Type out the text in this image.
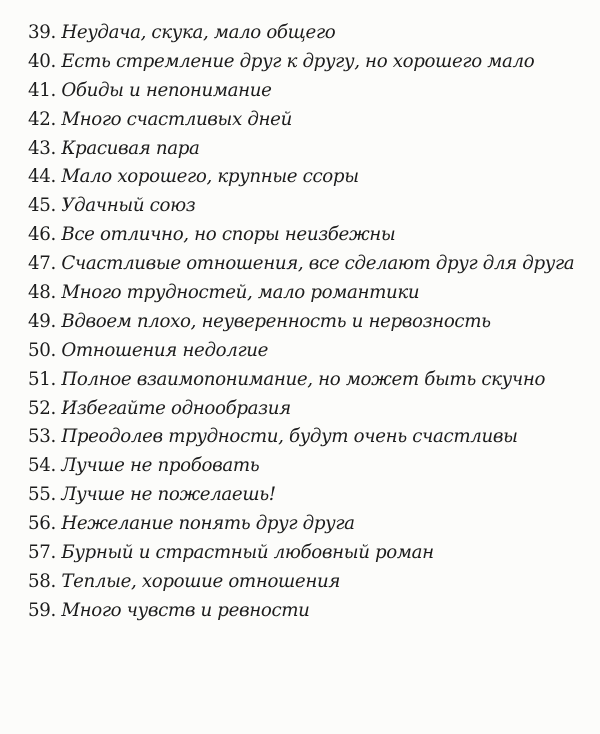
39. Неудача, скука, мало общего
40. Есть стремление друг к другу, но хорошего мало
41. Обиды и непонимание
42. Много счастливых дней
43. Красивая пара
44. Мало хорошего, крупные ссоры
45. Удачный союз
46. Все отлично, но споры неизбежны
47. Счастливые отношения, все сделают друг для друга
48. Много трудностей, мало романтики
49. Вдвоем плохо, неуверенность и нервозность
50. Отношения недолгие
51. Полное взаимопонимание, но может быть скучно
52. Избегайте однообразия
53. Преодолев трудности, будут очень счастливы
54. Лучше не пробовать
55. Лучше не пожелаешь!
56. Нежелание понять друг друга
57. Бурный и страстный любовный роман
58. Теплые, хорошие отношения
59. Много чувств и ревности
